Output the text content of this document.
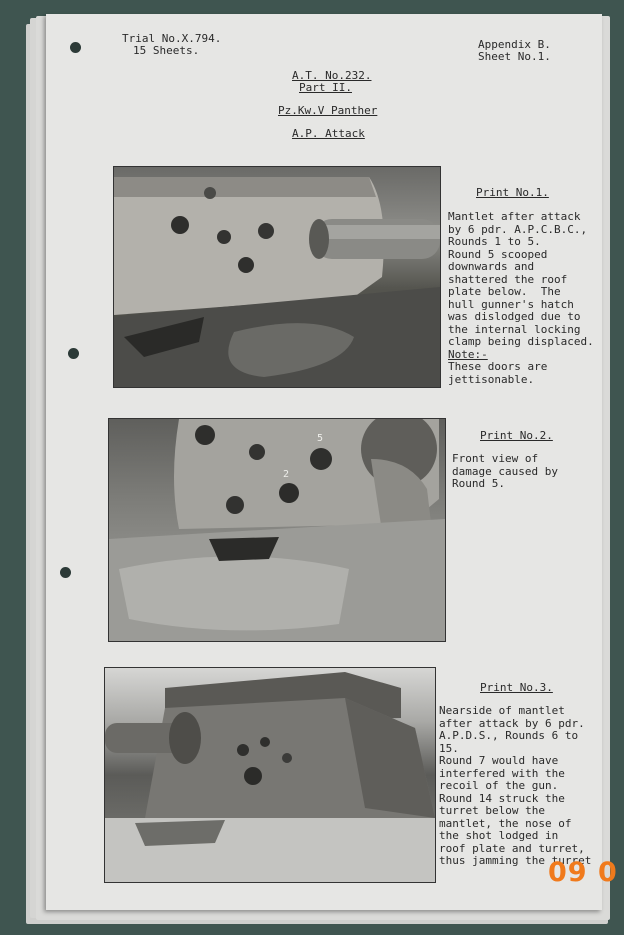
Trial No.X.794.
15 Sheets.	Appendix B.
Sheet No.1.
A.T. No.232.
Part II.
Pz.Kw.V Panther
A.P. Attack
5
2
Print No.1.
Mantlet after attack
by 6 pdr. A.P.C.B.C.,
Rounds 1 to 5.
Round 5 scooped
downwards and
shattered the roof
plate below.  The
hull gunner's hatch
was dislodged due to
the internal locking
clamp being displaced.
Note:-
These doors are
jettisonable.
Print No.2.
Front view of
damage caused by
Round 5.
Print No.3.
Nearside of mantlet
after attack by 6 pdr.
A.P.D.S., Rounds 6 to
15.
Round 7 would have
interfered with the
recoil of the gun.
Round 14 struck the
turret below the
mantlet, the nose of
the shot lodged in
roof plate and turret,
thus jamming the turret
09 0
